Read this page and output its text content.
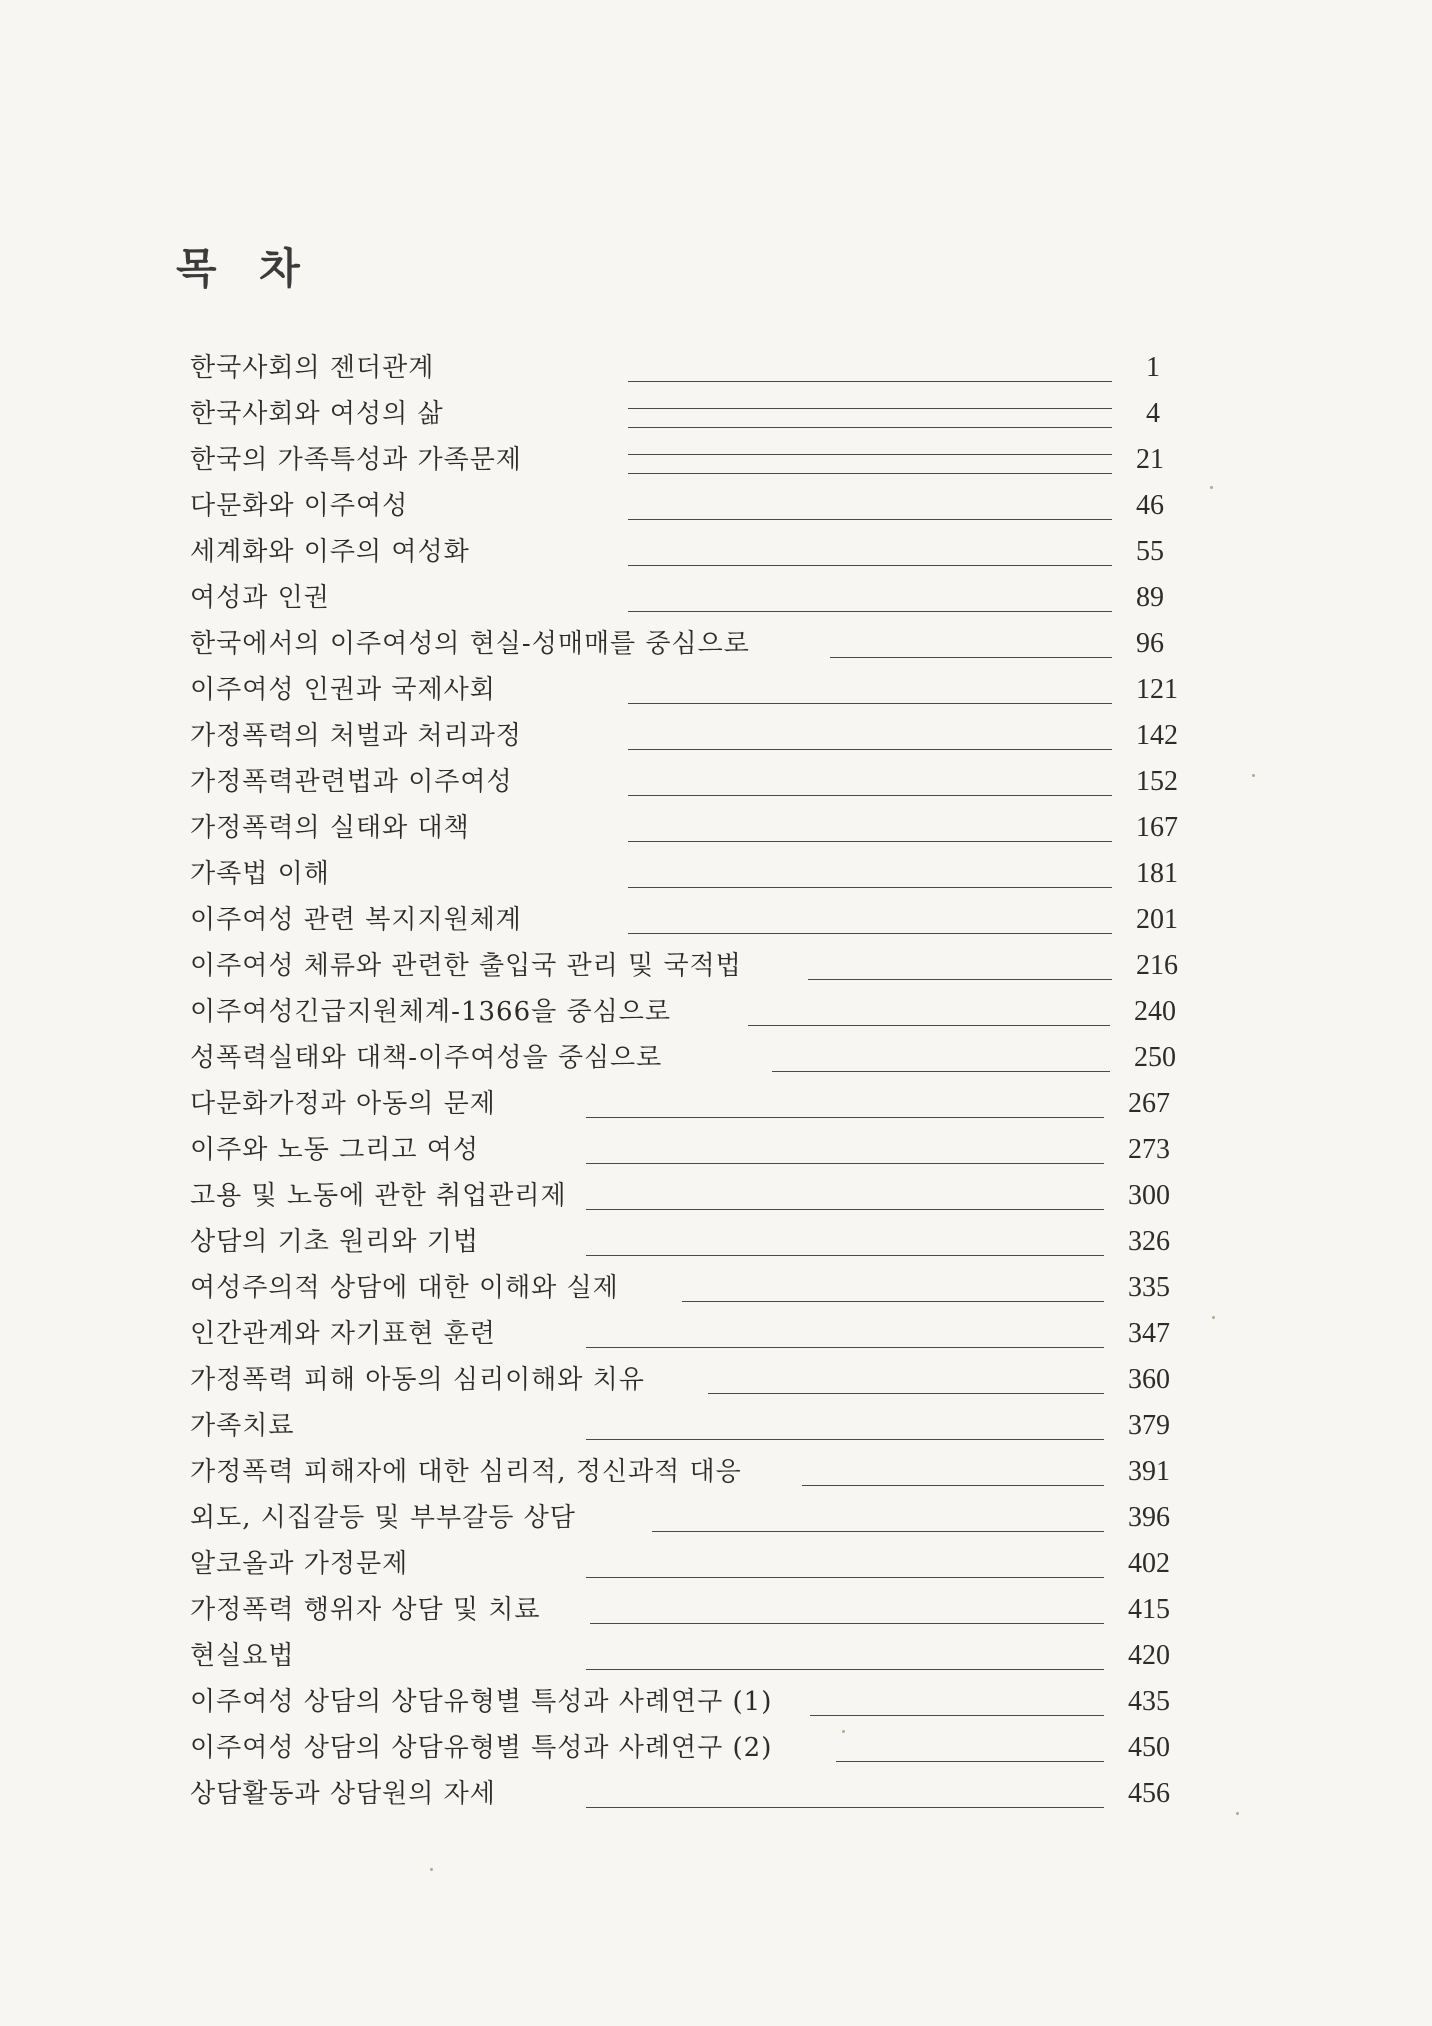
목 차
한국사회의 젠더관계	1
한국사회와 여성의 삶	4
한국의 가족특성과 가족문제	21
다문화와 이주여성	46
세계화와 이주의 여성화	55
여성과 인권	89
한국에서의 이주여성의 현실-성매매를 중심으로	96
이주여성 인권과 국제사회	121
가정폭력의 처벌과 처리과정	142
가정폭력관련법과 이주여성	152
가정폭력의 실태와 대책	167
가족법 이해	181
이주여성 관련 복지지원체계	201
이주여성 체류와 관련한 출입국 관리 및 국적법	216
이주여성긴급지원체계-1366을 중심으로	240
성폭력실태와 대책-이주여성을 중심으로	250
다문화가정과 아동의 문제	267
이주와 노동 그리고 여성	273
고용 및 노동에 관한 취업관리제	300
상담의 기초 원리와 기법	326
여성주의적 상담에 대한 이해와 실제	335
인간관계와 자기표현 훈련	347
가정폭력 피해 아동의 심리이해와 치유	360
가족치료	379
가정폭력 피해자에 대한 심리적, 정신과적 대응	391
외도, 시집갈등 및 부부갈등 상담	396
알코올과 가정문제	402
가정폭력 행위자 상담 및 치료	415
현실요법	420
이주여성 상담의 상담유형별 특성과 사례연구 (1)	435
이주여성 상담의 상담유형별 특성과 사례연구 (2)	450
상담활동과 상담원의 자세	456
